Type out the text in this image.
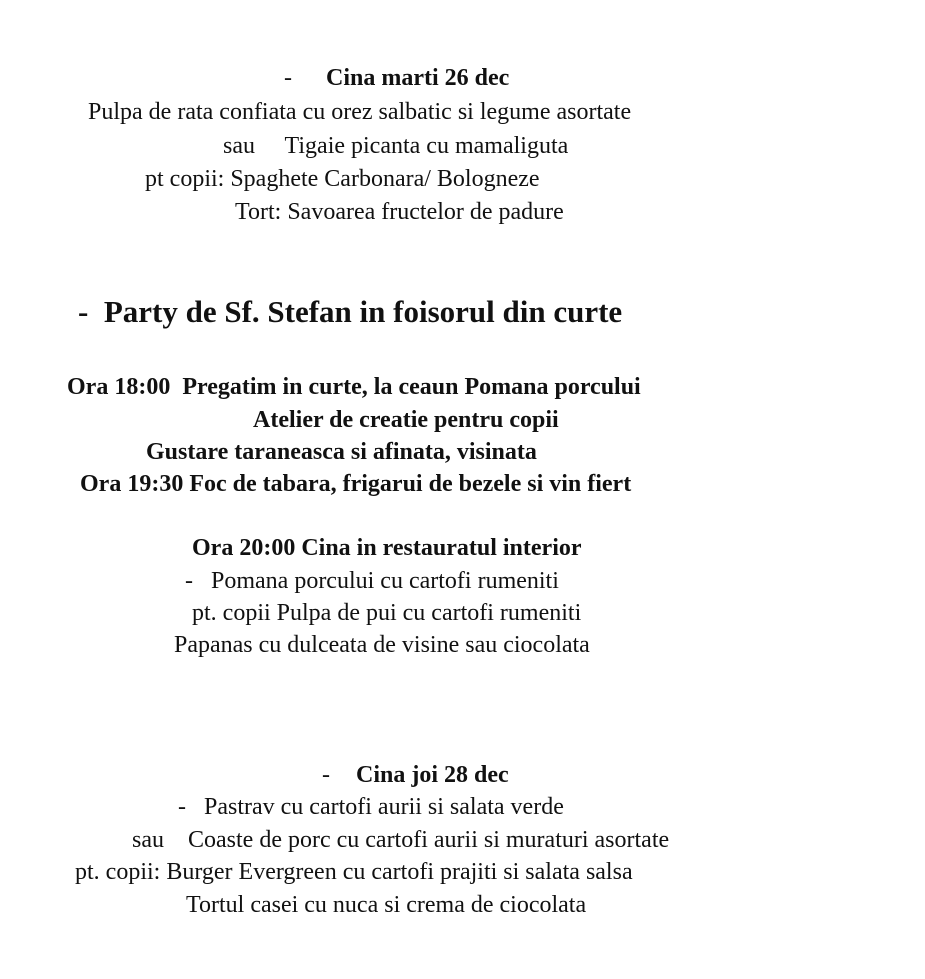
- Cina marti 26 dec
Pulpa de rata confiata cu orez salbatic si legume asortate
sau     Tigaie picanta cu mamaliguta
pt copii: Spaghete Carbonara/ Bologneze
Tort: Savoarea fructelor de padure
-  Party de Sf. Stefan in foisorul din curte
Ora 18:00  Pregatim in curte, la ceaun Pomana porcului
Atelier de creatie pentru copii
Gustare taraneasca si afinata, visinata
Ora 19:30 Foc de tabara, frigarui de bezele si vin fiert
Ora 20:00 Cina in restauratul interior
-   Pomana porcului cu cartofi rumeniti
pt. copii Pulpa de pui cu cartofi rumeniti
Papanas cu dulceata de visine sau ciocolata
- Cina joi 28 dec
-   Pastrav cu cartofi aurii si salata verde
sau    Coaste de porc cu cartofi aurii si muraturi asortate
pt. copii: Burger Evergreen cu cartofi prajiti si salata salsa
Tortul casei cu nuca si crema de ciocolata
